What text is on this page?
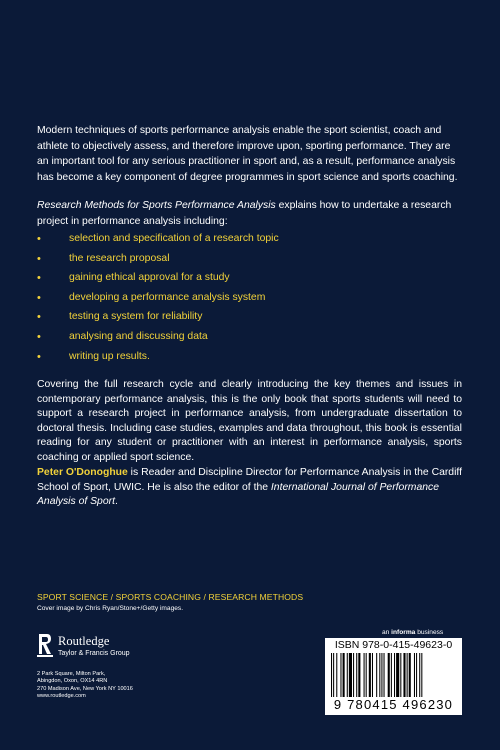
Modern techniques of sports performance analysis enable the sport scientist, coach and athlete to objectively assess, and therefore improve upon, sporting performance. They are an important tool for any serious practitioner in sport and, as a result, performance analysis has become a key component of degree programmes in sport science and sports coaching.

Research Methods for Sports Performance Analysis explains how to undertake a research project in performance analysis including:

•	selection and specification of a research topic
•	the research proposal
•	gaining ethical approval for a study
•	developing a performance analysis system
•	testing a system for reliability
•	analysing and discussing data
•	writing up results.

Covering the full research cycle and clearly introducing the key themes and issues in contemporary performance analysis, this is the only book that sports students will need to support a research project in performance analysis, from undergraduate dissertation to doctoral thesis. Including case studies, examples and data throughout, this book is essential reading for any student or practitioner with an interest in performance analysis, sports coaching or applied sport science.

Peter O'Donoghue is Reader and Discipline Director for Performance Analysis in the Cardiff School of Sport, UWIC. He is also the editor of the International Journal of Performance Analysis of Sport.

SPORT SCIENCE / SPORTS COACHING / RESEARCH METHODS
Cover image by Chris Ryan/Stone+/Getty images.
Routledge
Taylor & Francis Group
2 Park Square, Milton Park,
Abingdon, Oxon, OX14 4RN
270 Madison Ave, New York NY 10016
www.routledge.com
an informa business
ISBN 978-0-415-49623-0
9 780415 496230
